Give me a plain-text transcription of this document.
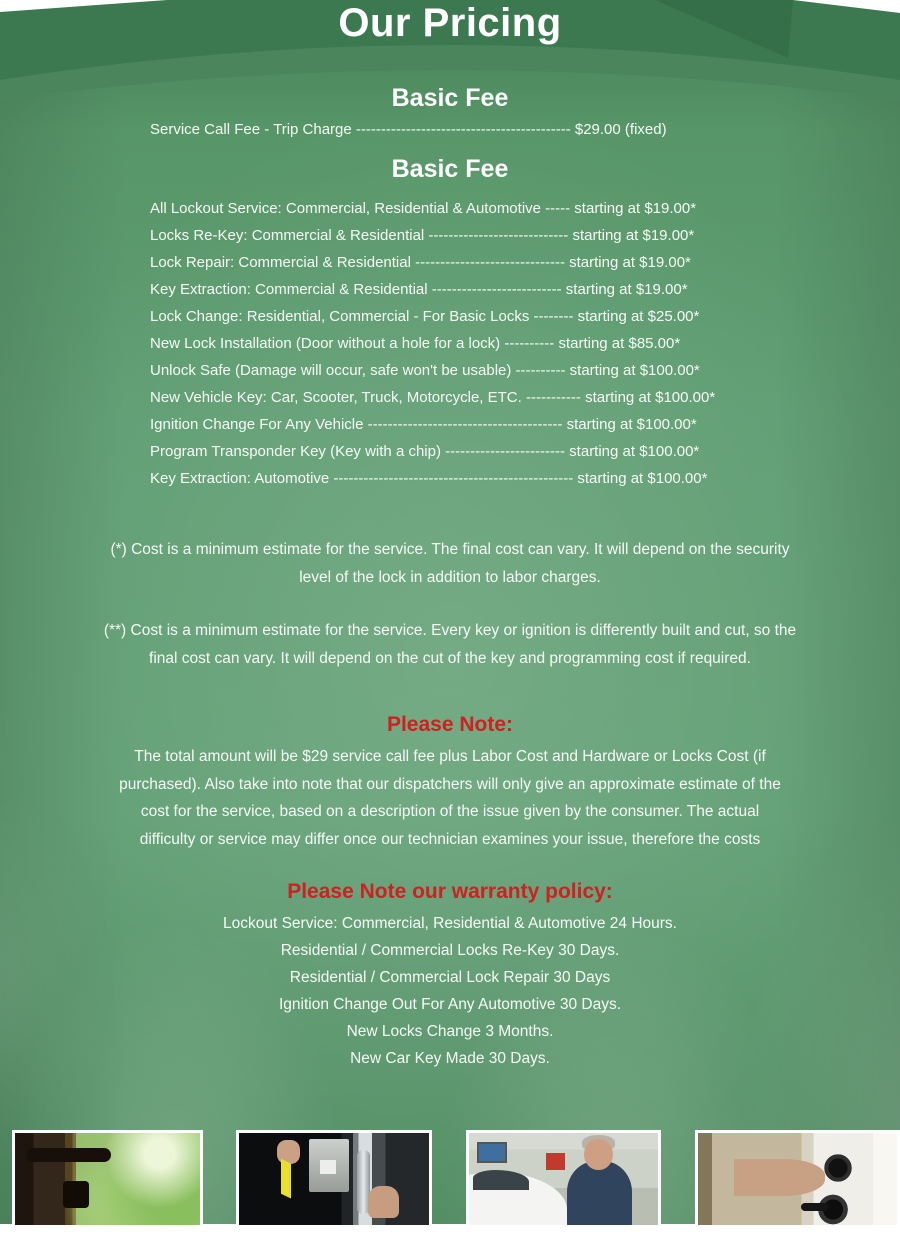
Our Pricing
Basic Fee

Service Call Fee - Trip Charge ------------------------------------------- $29.00 (fixed)

Basic Fee
All Lockout Service: Commercial, Residential & Automotive ----- starting at $19.00*
Locks Re-Key: Commercial & Residential ---------------------------- starting at $19.00*
Lock Repair: Commercial & Residential ------------------------------ starting at $19.00*
Key Extraction: Commercial & Residential -------------------------- starting at $19.00*
Lock Change: Residential, Commercial - For Basic Locks -------- starting at $25.00*
New Lock Installation (Door without a hole for a lock) ---------- starting at $85.00*
Unlock Safe (Damage will occur, safe won't be usable) ---------- starting at $100.00*
New Vehicle Key: Car, Scooter, Truck, Motorcycle, ETC. ----------- starting at $100.00*
Ignition Change For Any Vehicle --------------------------------------- starting at $100.00*
Program Transponder Key (Key with a chip) ------------------------ starting at $100.00*
Key Extraction: Automotive ------------------------------------------------ starting at $100.00*

(*) Cost is a minimum estimate for the service. The final cost can vary. It will depend on the security level of the lock in addition to labor charges.

(**) Cost is a minimum estimate for the service. Every key or ignition is differently built and cut, so the final cost can vary. It will depend on the cut of the key and programming cost if required.

Please Note:

The total amount will be $29 service call fee plus Labor Cost and Hardware or Locks Cost (if purchased). Also take into note that our dispatchers will only give an approximate estimate of the cost for the service, based on a description of the issue given by the consumer. The actual difficulty or service may differ once our technician examines your issue, therefore the costs

Please Note our warranty policy:
Lockout Service: Commercial, Residential & Automotive 24 Hours.
Residential / Commercial Locks Re-Key 30 Days.
Residential / Commercial Lock Repair 30 Days
Ignition Change Out For Any Automotive 30 Days.
New Locks Change 3 Months.
New Car Key Made 30 Days.
